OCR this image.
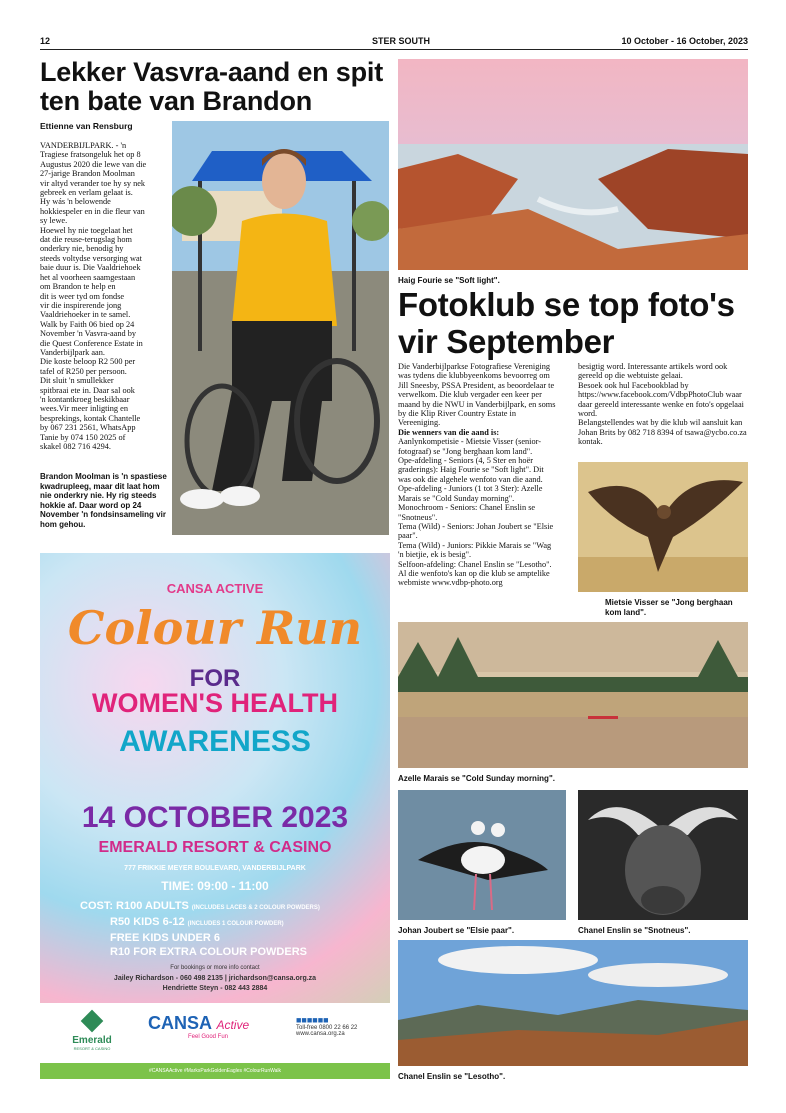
12	STER SOUTH	10 October - 16 October, 2023
Lekker Vasvra-aand en spit ten bate van Brandon
Ettienne van Rensburg

VANDERBIJLPARK. - 'n
Tragiese fratsongeluk het op 8
Augustus 2020 die lewe van die
27-jarige Brandon Moolman
vir altyd verander toe hy sy nek
gebreek en verlam gelaat is.
Hy wás 'n belowende
hokkiespeler en in die fleur van
sy lewe.
Hoewel hy nie toegelaat het
dat die reuse-terugslag hom
onderkry nie, benodig hy
steeds voltydse versorging wat
baie duur is. Die Vaaldriehoek
het al voorheen saamgestaan
om Brandon te help en
dit is weer tyd om fondse
vir die inspirerende jong
Vaaldriehoeker in te samel.
Walk by Faith 06 bied op 24
November 'n Vasvra-aand by
die Quest Conference Estate in
Vanderbijlpark aan.
Die koste beloop R2 500 per
tafel of R250 per persoon.
Dit sluit 'n smullekker
spitbraai ete in. Daar sal ook
'n kontantkroeg beskikbaar
wees.Vir meer inligting en
besprekings, kontak Chantelle
by 067 231 2561, WhatsApp
Tanie by 074 150 2025 of
skakel 082 716 4294.

Brandon Moolman is 'n spastiese kwadrupleeg, maar dit laat hom nie onderkry nie. Hy rig steeds hokkie af. Daar word op 24 November 'n fondsinsameling vir hom gehou.
Haig Fourie se "Soft light".
Fotoklub se top foto's vir September

Die Vanderbijlparkse Fotografiese Vereniging was tydens die klubbyeenkoms bevoorreg om Jill Sneesby, PSSA President, as beoordelaar te verwelkom. Die klub vergader een keer per maand by die NWU in Vanderbijlpark, en soms by die Klip River Country Estate in Vereeniging.

Die wenners van die aand is:

Aanlynkompetisie - Mietsie Visser (senior-fotograaf) se "Jong berghaan kom land".
Ope-afdeling - Seniors (4, 5 Ster en hoër graderings): Haig Fourie se "Soft light". Dit was ook die algehele wenfoto van die aand.
Ope-afdeling - Juniors (1 tot 3 Ster): Azelle Marais se "Cold Sunday morning".
Monochroom - Seniors: Chanel Enslin se "Snotneus".
Tema (Wild) - Seniors: Johan Joubert se "Elsie paar".
Tema (Wild) - Juniors: Pikkie Marais se "Wag 'n bietjie, ek is besig".
Selfoon-afdeling: Chanel Enslin se "Lesotho".
Al die wenfoto's kan op die klub se amptelike webmiste www.vdbp-photo.org

besigtig word. Interessante artikels word ook gereeld op die webtuiste gelaai.
Besoek ook hul Facebookblad by https://www.facebook.com/VdbpPhotoClub waar daar gereeld interessante wenke en foto's opgelaai word.
Belangstellendes wat by die klub wil aansluit kan Johan Brits by 082 718 8394 of tsawa@ycbo.co.za kontak.

Mietsie Visser se "Jong berghaan kom land".
Azelle Marais se "Cold Sunday morning".
Johan Joubert se "Elsie paar".	Chanel Enslin se "Snotneus".
Chanel Enslin se "Lesotho".
CANSA ACTIVE
Colour Run
FOR
WOMEN'S HEALTH
AWARENESS
14 OCTOBER 2023
EMERALD RESORT & CASINO
777 FRIKKIE MEYER BOULEVARD, VANDERBIJLPARK
TIME: 09:00 - 11:00
COST: R100 ADULTS (INCLUDES LACES & 2 COLOUR POWDERS)
R50 KIDS 6-12 (INCLUDES 1 COLOUR POWDER)
FREE KIDS UNDER 6
R10 FOR EXTRA COLOUR POWDERS
For bookings or more info contact
Jailey Richardson - 060 498 2135 | jrichardson@cansa.org.za
Hendriette Steyn - 082 443 2884
Emerald
RESORT & CASINO
CANSA Active
Feel Good Fun
■■■■■■
Toll-free 0800 22 66 22
www.cansa.org.za
#CANSAActive #MarksParkGoldenEagles #ColourRunWalk
